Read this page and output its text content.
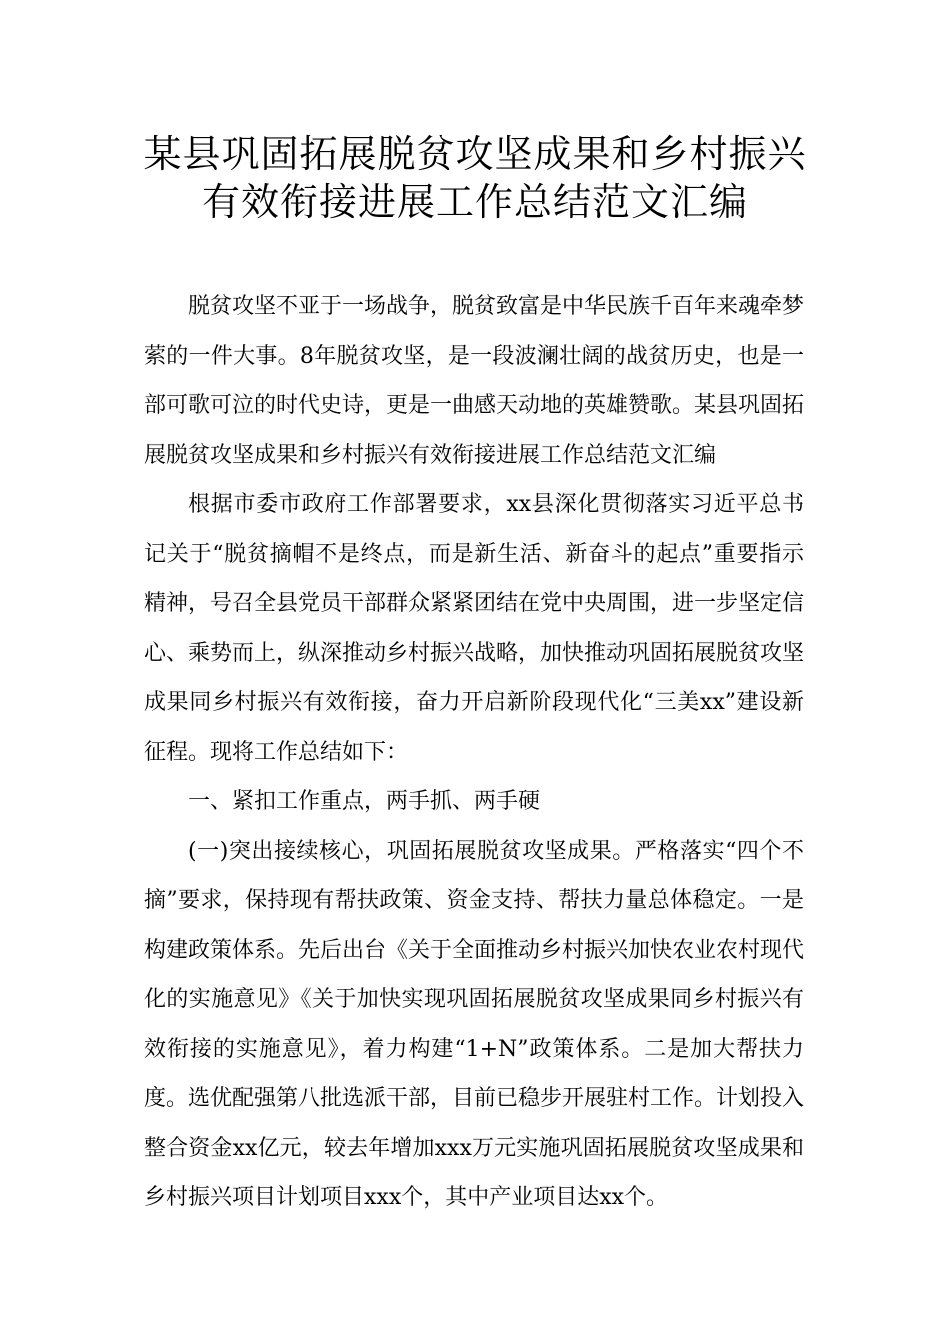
某县巩固拓展脱贫攻坚成果和乡村振兴
有效衔接进展工作总结范文汇编

脱贫攻坚不亚于一场战争，脱贫致富是中华民族千百年来魂牵梦萦的一件大事。8年脱贫攻坚，是一段波澜壮阔的战贫历史，也是一部可歌可泣的时代史诗，更是一曲感天动地的英雄赞歌。某县巩固拓展脱贫攻坚成果和乡村振兴有效衔接进展工作总结范文汇编

根据市委市政府工作部署要求，xx县深化贯彻落实习近平总书记关于“脱贫摘帽不是终点，而是新生活、新奋斗的起点”重要指示精神，号召全县党员干部群众紧紧团结在党中央周围，进一步坚定信心、乘势而上，纵深推动乡村振兴战略，加快推动巩固拓展脱贫攻坚成果同乡村振兴有效衔接，奋力开启新阶段现代化“三美xx”建设新征程。现将工作总结如下：

一、紧扣工作重点，两手抓、两手硬

(一)突出接续核心，巩固拓展脱贫攻坚成果。严格落实“四个不摘”要求，保持现有帮扶政策、资金支持、帮扶力量总体稳定。一是构建政策体系。先后出台《关于全面推动乡村振兴加快农业农村现代化的实施意见》《关于加快实现巩固拓展脱贫攻坚成果同乡村振兴有效衔接的实施意见》，着力构建“1+N”政策体系。二是加大帮扶力度。选优配强第八批选派干部，目前已稳步开展驻村工作。计划投入整合资金xx亿元，较去年增加xxx万元实施巩固拓展脱贫攻坚成果和乡村振兴项目计划项目xxx个，其中产业项目达xx个。
